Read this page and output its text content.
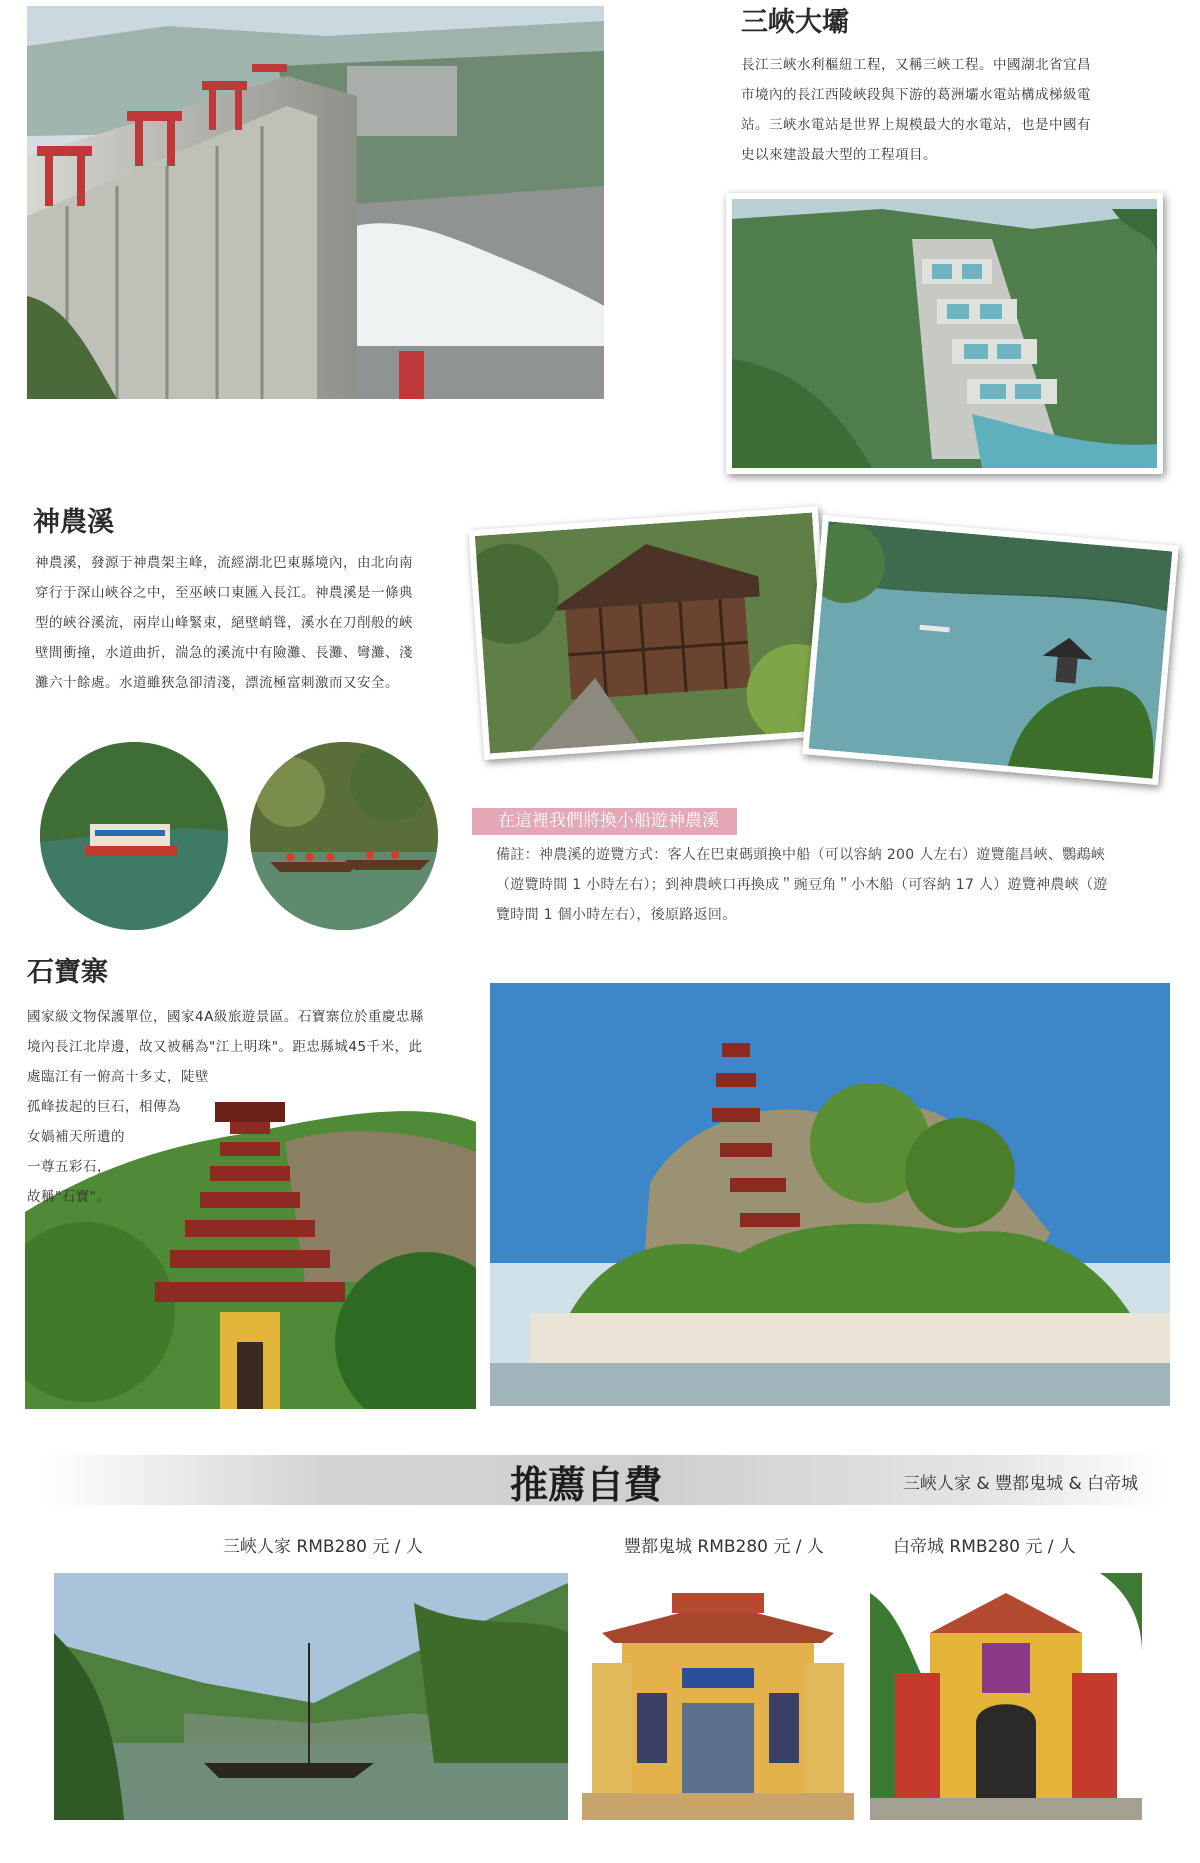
三峽大壩
長江三峽水利樞紐工程，又稱三峽工程。中國湖北省宜昌
市境內的長江西陵峽段與下游的葛洲壩水電站構成梯級電
站。三峽水電站是世界上規模最大的水電站，也是中國有
史以來建設最大型的工程項目。
神農溪
神農溪，發源于神農架主峰，流經湖北巴東縣境內，由北向南
穿行于深山峽谷之中，至巫峽口東匯入長江。神農溪是一條典
型的峽谷溪流，兩岸山峰緊束，絕壁峭聳，溪水在刀削般的峽
壁間衝撞，水道曲折，湍急的溪流中有險灘、長灘、彎灘、淺
灘六十餘處。水道雖狹急卻清淺，漂流極富刺激而又安全。
在這裡我們將換小船遊神農溪
備註：神農溪的遊覽方式：客人在巴東碼頭換中船（可以容納 200 人左右）遊覽龍昌峽、鸚鵡峽
（遊覽時間 1 小時左右）；到神農峽口再換成＂豌豆角＂小木船（可容納 17 人）遊覽神農峽（遊
覽時間 1 個小時左右），後原路返回。
石寶寨
國家級文物保護單位，國家4A級旅遊景區。石寶寨位於重慶忠縣
境內長江北岸邊，故又被稱為"江上明珠"。距忠縣城45千米，此
處臨江有一俯高十多丈，陡壁
孤峰拔起的巨石，相傳為
女媧補天所遺的
一尊五彩石，
故稱"石寶"。
推薦自費	三峽人家 & 豐都鬼城 & 白帝城
三峽人家 RMB280 元 / 人	豐都鬼城 RMB280 元 / 人	白帝城 RMB280 元 / 人
